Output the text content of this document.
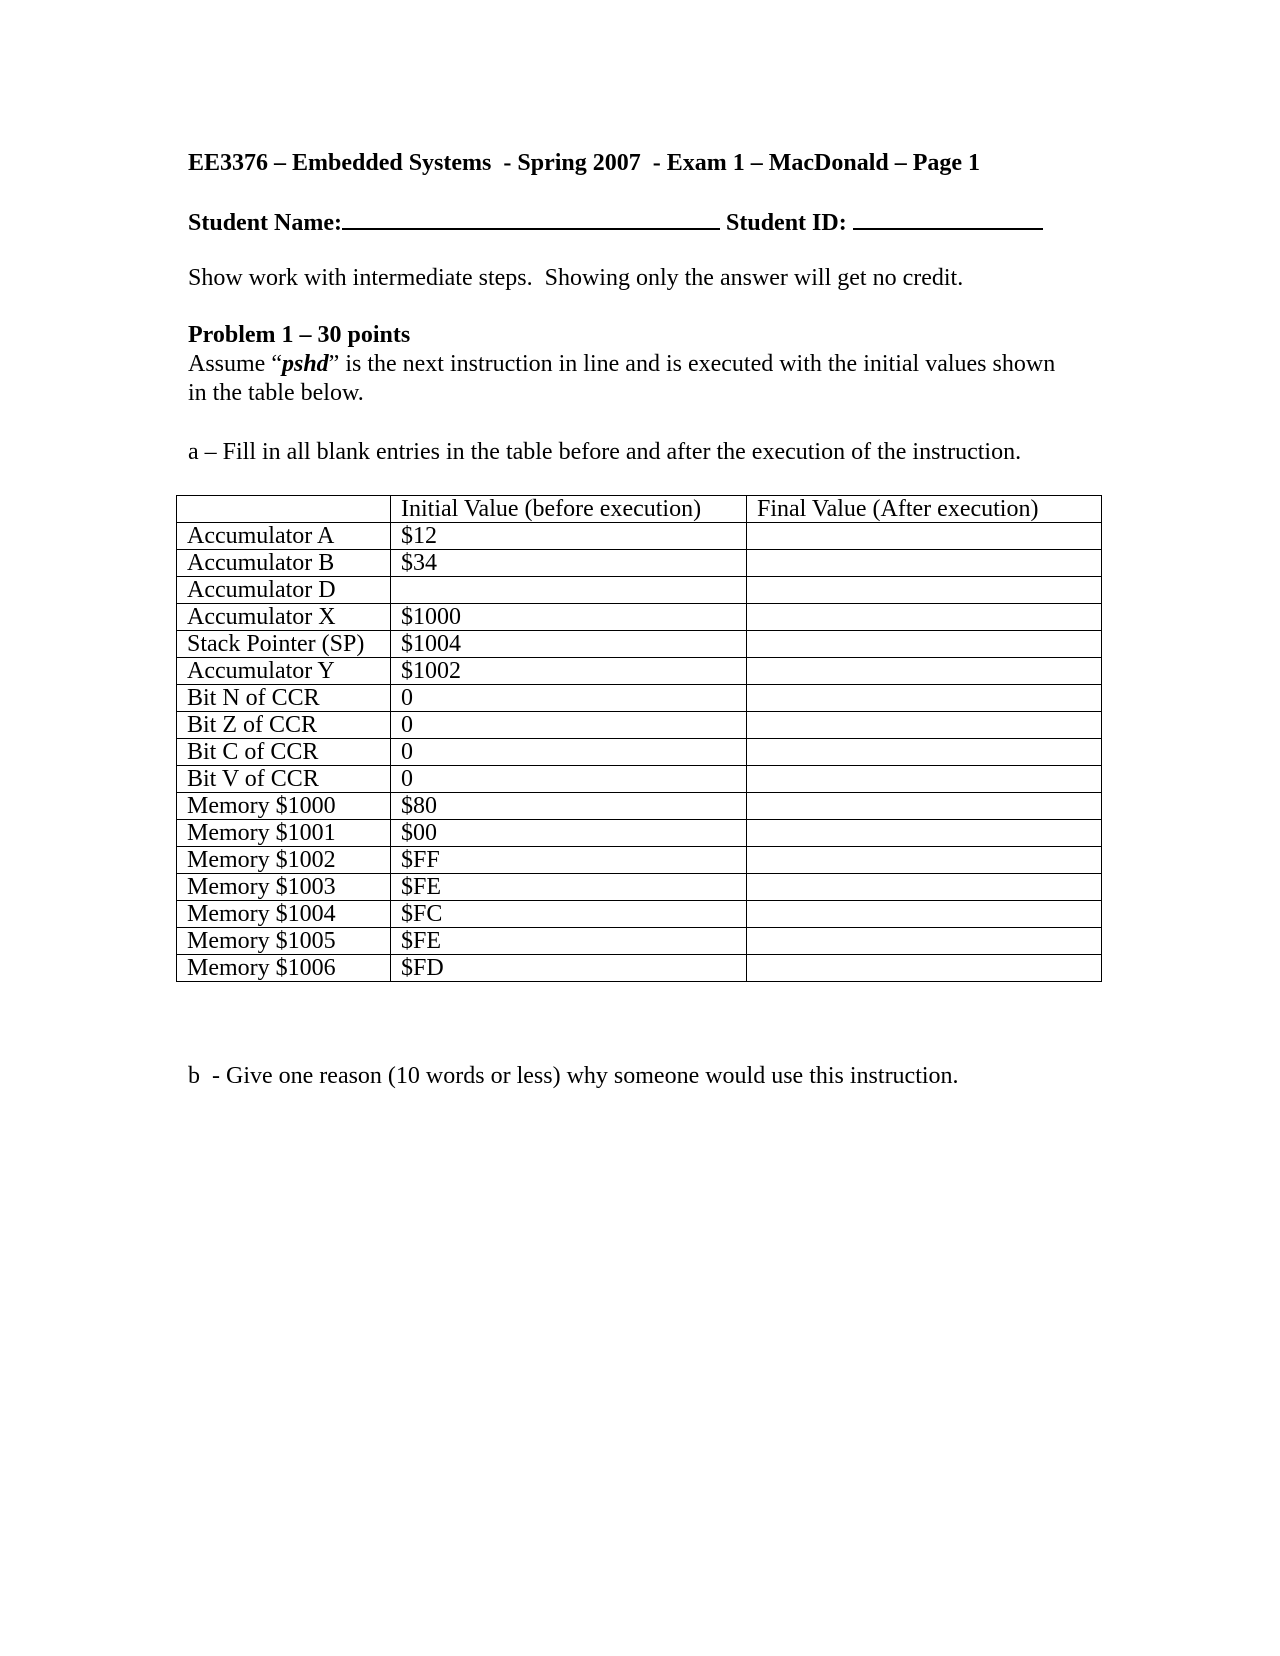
EE3376 – Embedded Systems  - Spring 2007  - Exam 1 – MacDonald – Page 1
Student Name:	Student ID:
Show work with intermediate steps.  Showing only the answer will get no credit.
Problem 1 – 30 points
Assume “pshd” is the next instruction in line and is executed with the initial values shown in the table below.
a – Fill in all blank entries in the table before and after the execution of the instruction.
	Initial Value (before execution)	Final Value (After execution)
Accumulator A	$12	
Accumulator B	$34	
Accumulator D		
Accumulator X	$1000	
Stack Pointer (SP)	$1004	
Accumulator Y	$1002	
Bit N of CCR	0	
Bit Z of CCR	0	
Bit C of CCR	0	
Bit V of CCR	0	
Memory $1000	$80	
Memory $1001	$00	
Memory $1002	$FF	
Memory $1003	$FE	
Memory $1004	$FC	
Memory $1005	$FE	
Memory $1006	$FD	
b  - Give one reason (10 words or less) why someone would use this instruction.
